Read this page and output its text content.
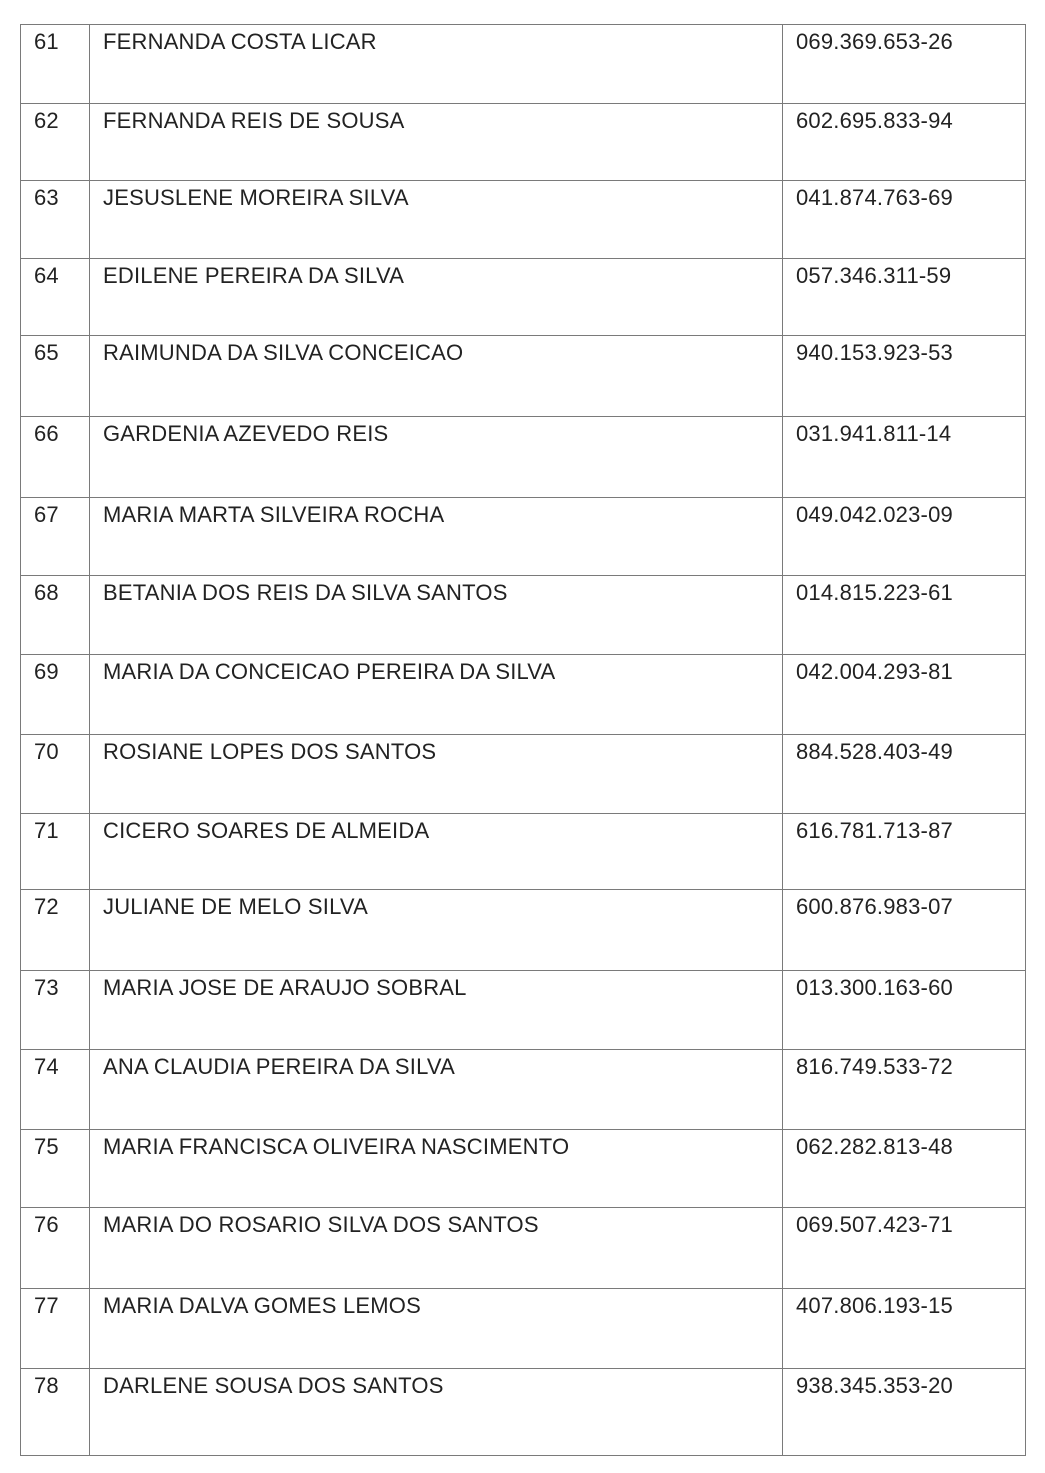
61	FERNANDA COSTA LICAR	069.369.653-26
62	FERNANDA REIS DE SOUSA	602.695.833-94
63	JESUSLENE MOREIRA SILVA	041.874.763-69
64	EDILENE PEREIRA DA SILVA	057.346.311-59
65	RAIMUNDA DA SILVA CONCEICAO	940.153.923-53
66	GARDENIA AZEVEDO REIS	031.941.811-14
67	MARIA MARTA SILVEIRA ROCHA	049.042.023-09
68	BETANIA DOS REIS DA SILVA SANTOS	014.815.223-61
69	MARIA DA CONCEICAO PEREIRA DA SILVA	042.004.293-81
70	ROSIANE LOPES DOS SANTOS	884.528.403-49
71	CICERO SOARES DE ALMEIDA	616.781.713-87
72	JULIANE DE MELO SILVA	600.876.983-07
73	MARIA JOSE DE ARAUJO SOBRAL	013.300.163-60
74	ANA CLAUDIA PEREIRA DA SILVA	816.749.533-72
75	MARIA FRANCISCA OLIVEIRA NASCIMENTO	062.282.813-48
76	MARIA DO ROSARIO SILVA DOS SANTOS	069.507.423-71
77	MARIA DALVA GOMES LEMOS	407.806.193-15
78	DARLENE SOUSA DOS SANTOS	938.345.353-20
